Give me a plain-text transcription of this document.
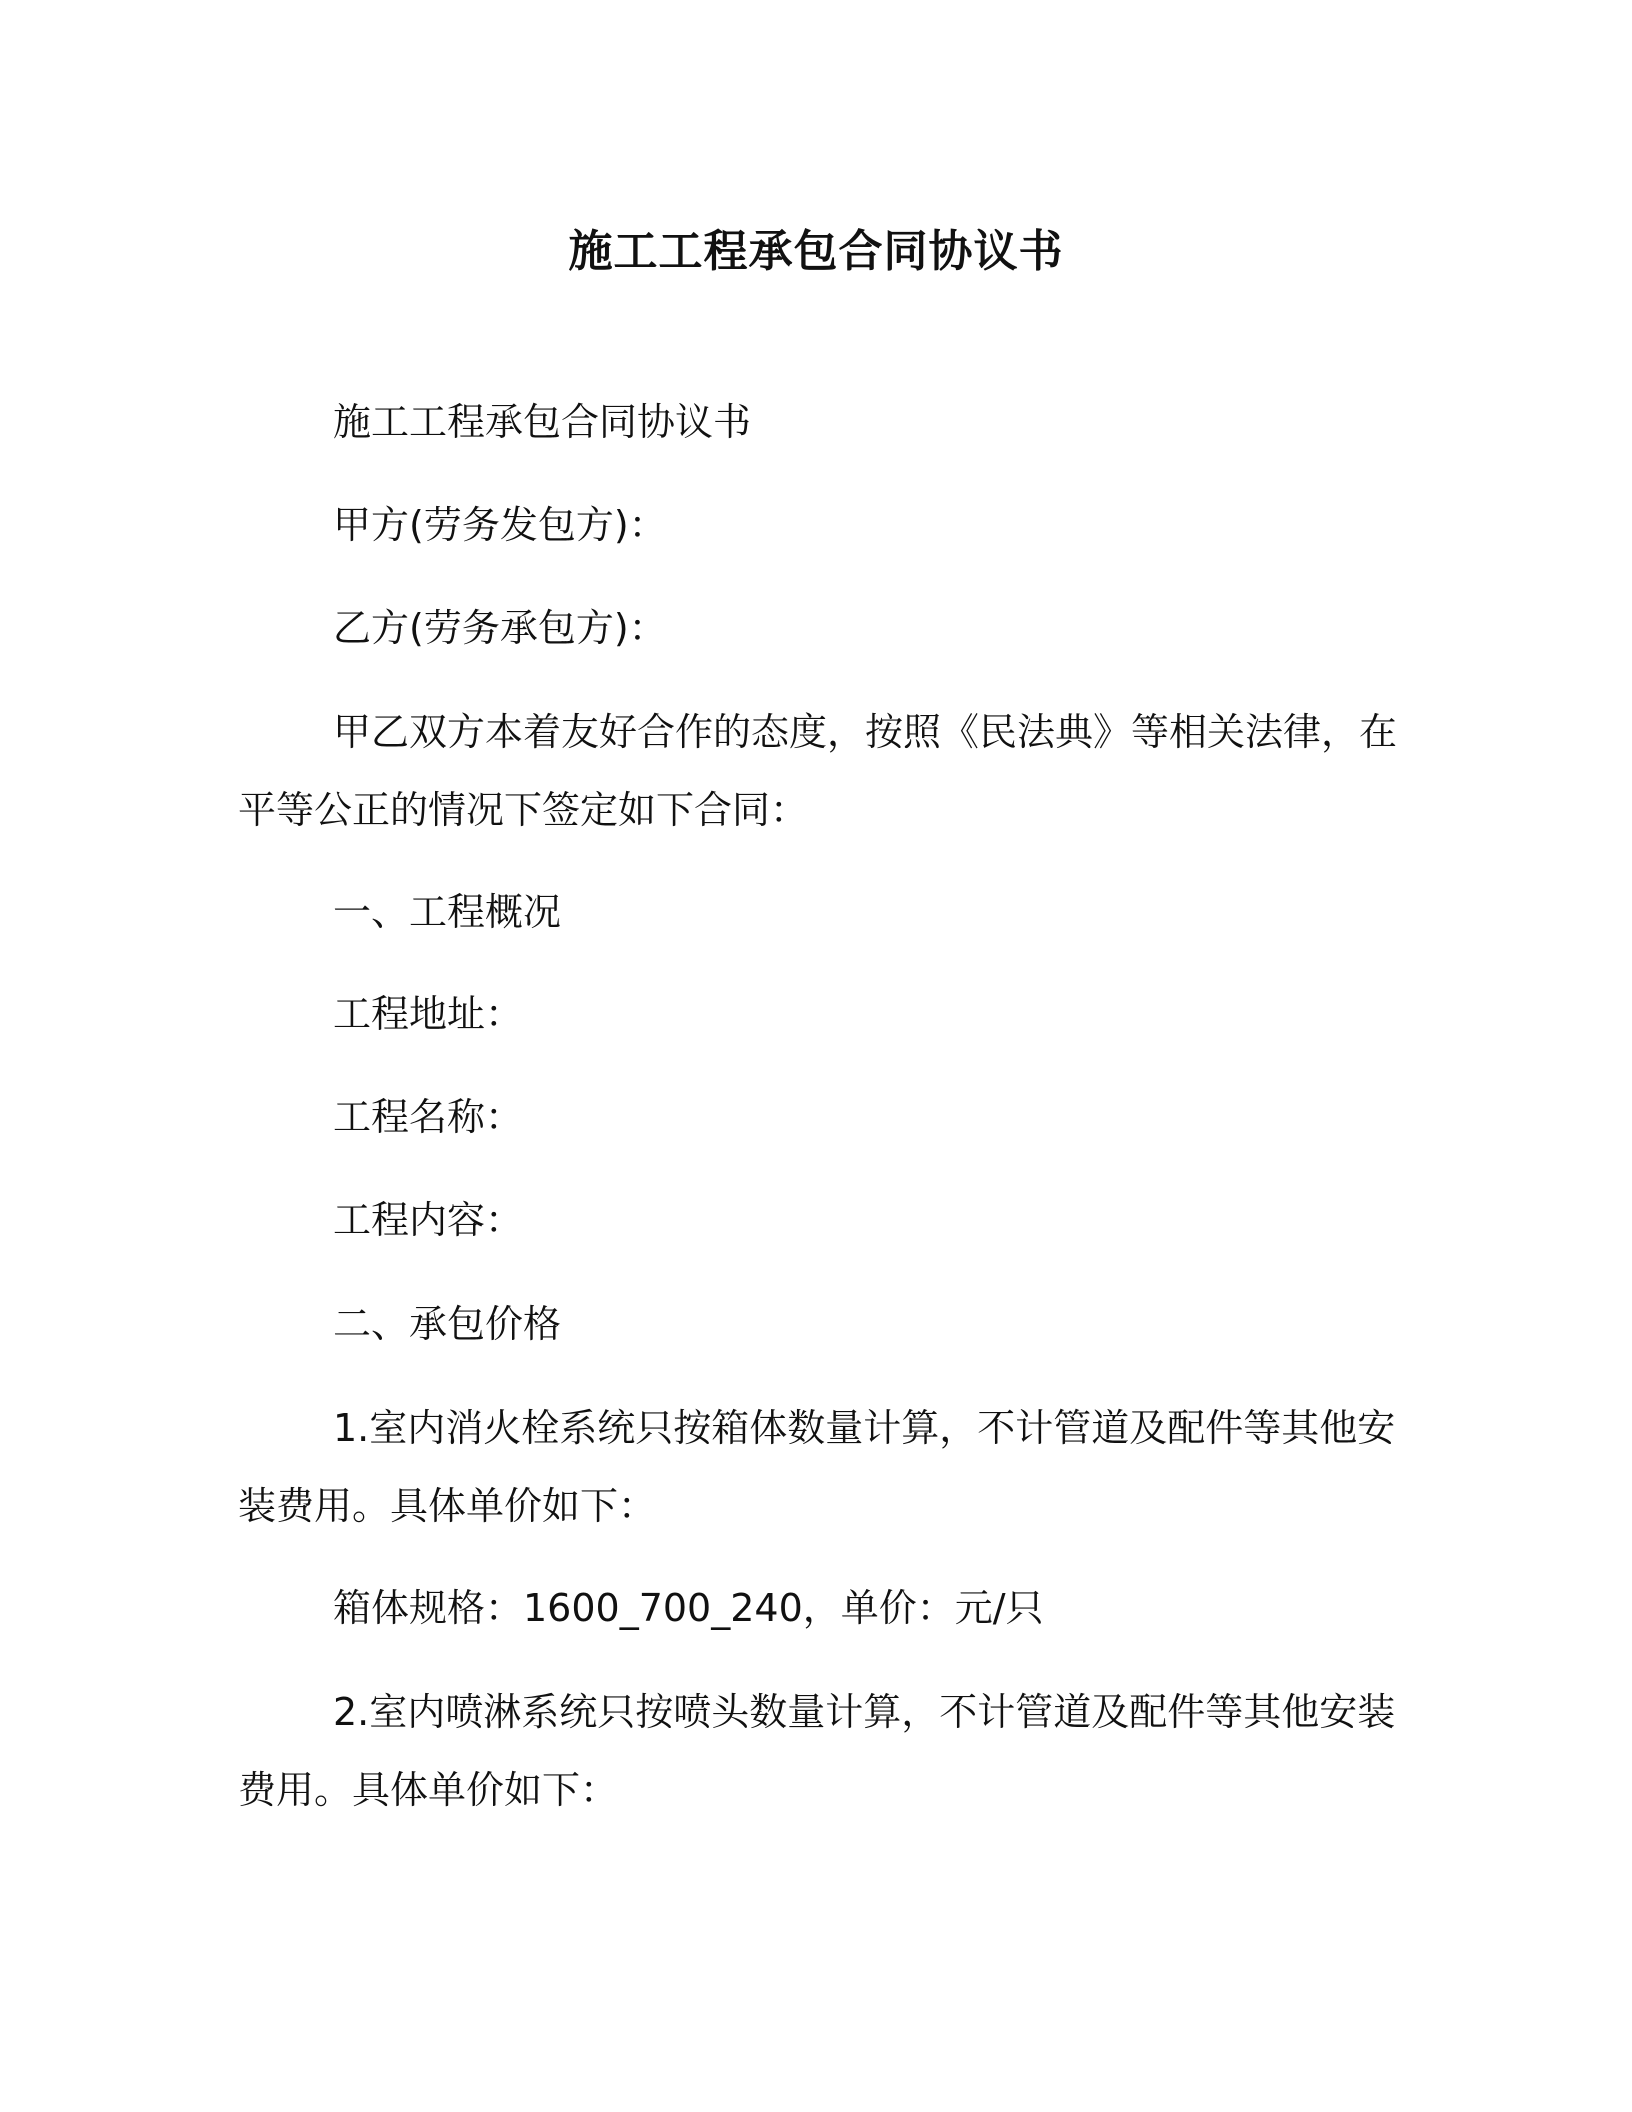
施工工程承包合同协议书
施工工程承包合同协议书
甲方(劳务发包方)：
乙方(劳务承包方)：
甲乙双方本着友好合作的态度，按照《民法典》等相关法律，在
平等公正的情况下签定如下合同：
一、工程概况
工程地址：
工程名称：
工程内容：
二、承包价格
1.室内消火栓系统只按箱体数量计算，不计管道及配件等其他安
装费用。具体单价如下：
箱体规格：1600_700_240，单价：元/只
2.室内喷淋系统只按喷头数量计算，不计管道及配件等其他安装
费用。具体单价如下：
